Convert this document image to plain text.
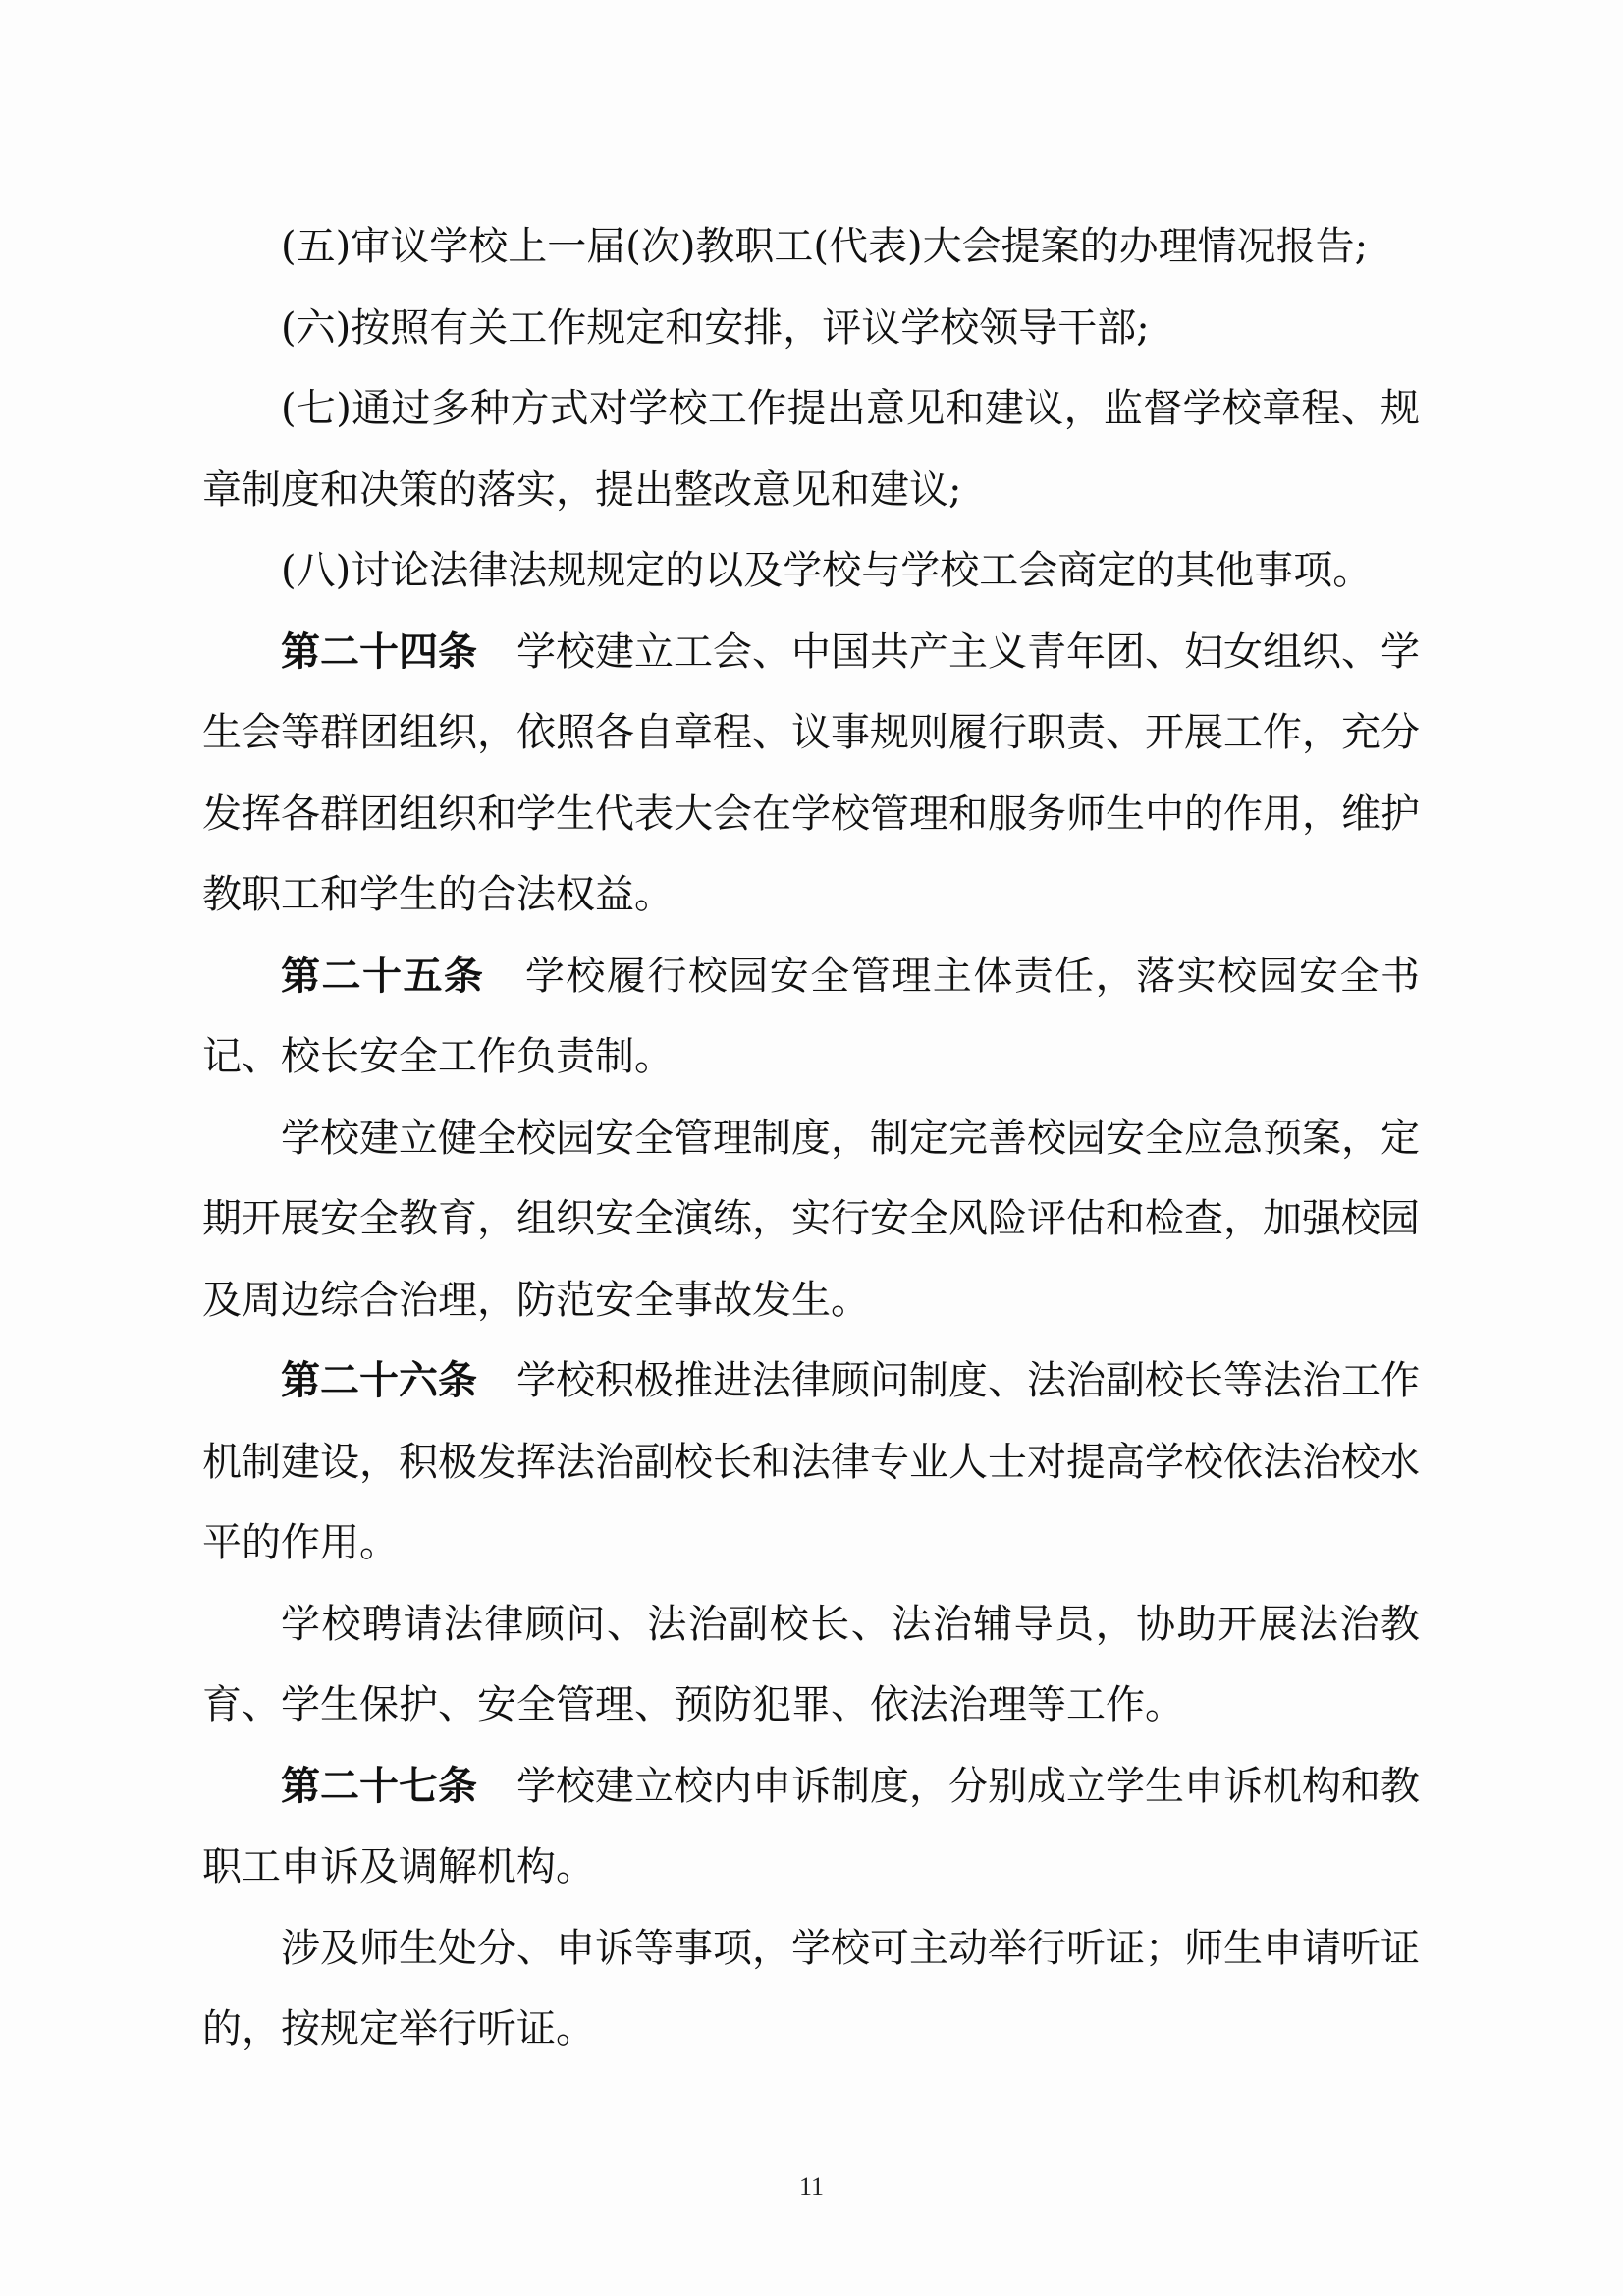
(五)审议学校上一届(次)教职工(代表)大会提案的办理情况报告;

(六)按照有关工作规定和安排，评议学校领导干部;

(七)通过多种方式对学校工作提出意见和建议，监督学校章程、规章制度和决策的落实，提出整改意见和建议;

(八)讨论法律法规规定的以及学校与学校工会商定的其他事项。

第二十四条 学校建立工会、中国共产主义青年团、妇女组织、学生会等群团组织，依照各自章程、议事规则履行职责、开展工作，充分发挥各群团组织和学生代表大会在学校管理和服务师生中的作用，维护教职工和学生的合法权益。

第二十五条 学校履行校园安全管理主体责任，落实校园安全书记、校长安全工作负责制。

学校建立健全校园安全管理制度，制定完善校园安全应急预案，定期开展安全教育，组织安全演练，实行安全风险评估和检查，加强校园及周边综合治理，防范安全事故发生。

第二十六条 学校积极推进法律顾问制度、法治副校长等法治工作机制建设，积极发挥法治副校长和法律专业人士对提高学校依法治校水平的作用。

学校聘请法律顾问、法治副校长、法治辅导员，协助开展法治教育、学生保护、安全管理、预防犯罪、依法治理等工作。

第二十七条 学校建立校内申诉制度，分别成立学生申诉机构和教职工申诉及调解机构。

涉及师生处分、申诉等事项，学校可主动举行听证；师生申请听证的，按规定举行听证。

11
